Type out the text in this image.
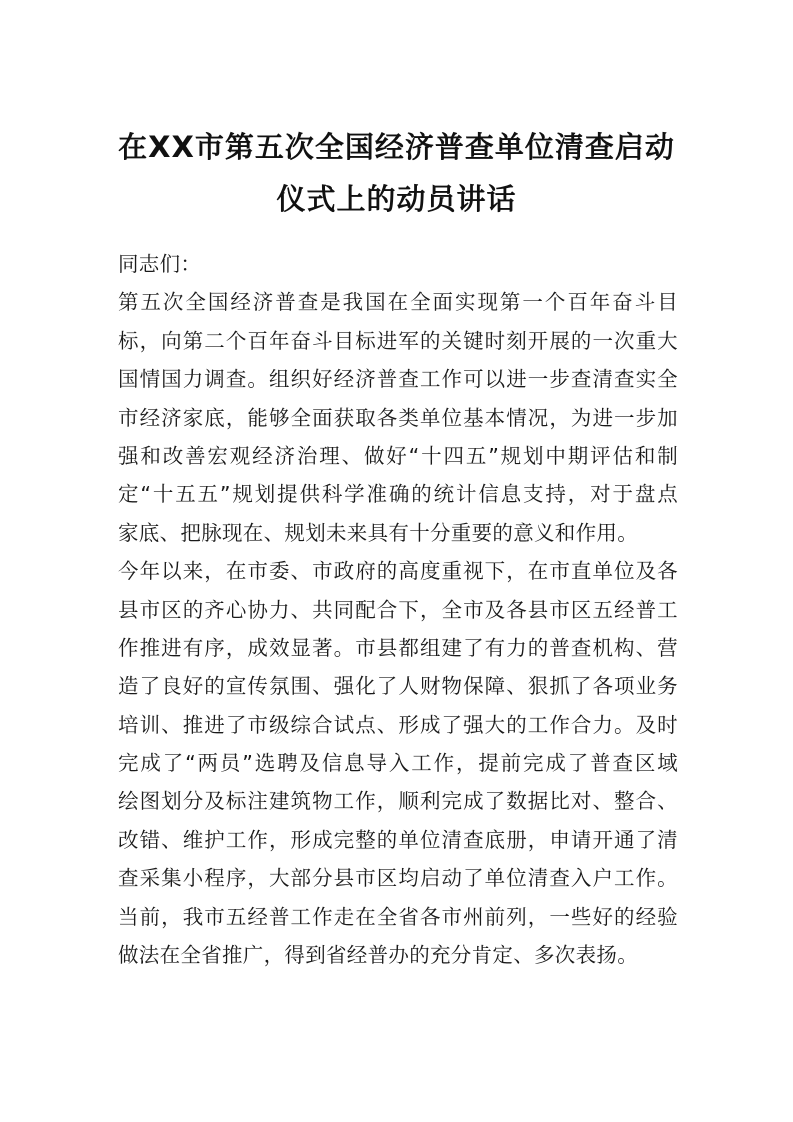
在XX市第五次全国经济普查单位清查启动
仪式上的动员讲话
同志们：
第五次全国经济普查是我国在全面实现第一个百年奋斗目
标，向第二个百年奋斗目标进军的关键时刻开展的一次重大
国情国力调查。组织好经济普查工作可以进一步查清查实全
市经济家底，能够全面获取各类单位基本情况，为进一步加
强和改善宏观经济治理、做好“十四五”规划中期评估和制
定“十五五”规划提供科学准确的统计信息支持，对于盘点
家底、把脉现在、规划未来具有十分重要的意义和作用。
今年以来，在市委、市政府的高度重视下，在市直单位及各
县市区的齐心协力、共同配合下，全市及各县市区五经普工
作推进有序，成效显著。市县都组建了有力的普查机构、营
造了良好的宣传氛围、强化了人财物保障、狠抓了各项业务
培训、推进了市级综合试点、形成了强大的工作合力。及时
完成了“两员”选聘及信息导入工作，提前完成了普查区域
绘图划分及标注建筑物工作，顺利完成了数据比对、整合、
改错、维护工作，形成完整的单位清查底册，申请开通了清
查采集小程序，大部分县市区均启动了单位清查入户工作。
当前，我市五经普工作走在全省各市州前列，一些好的经验
做法在全省推广，得到省经普办的充分肯定、多次表扬。
